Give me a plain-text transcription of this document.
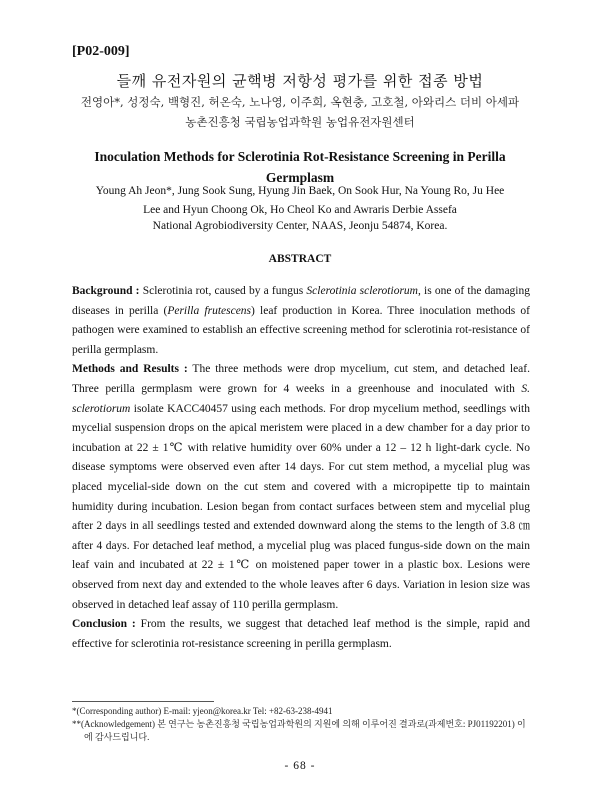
[P02-009]
들깨 유전자원의 균핵병 저항성 평가를 위한 접종 방법
전영아*, 성정숙, 백형진, 허온숙, 노나영, 이주희, 옥현충, 고호철, 아와리스 더비 아세파
농촌진흥청 국립농업과학원 농업유전자원센터
Inoculation Methods for Sclerotinia Rot-Resistance Screening in Perilla Germplasm
Young Ah Jeon*, Jung Sook Sung, Hyung Jin Baek, On Sook Hur, Na Young Ro, Ju Hee Lee and Hyun Choong Ok, Ho Cheol Ko and Awraris Derbie Assefa
National Agrobiodiversity Center, NAAS, Jeonju 54874, Korea.
ABSTRACT

Background : Sclerotinia rot, caused by a fungus Sclerotinia sclerotiorum, is one of the damaging diseases in perilla (Perilla frutescens) leaf production in Korea. Three inoculation methods of pathogen were examined to establish an effective screening method for sclerotinia rot-resistance of perilla germplasm.

Methods and Results : The three methods were drop mycelium, cut stem, and detached leaf. Three perilla germplasm were grown for 4 weeks in a greenhouse and inoculated with S. sclerotiorum isolate KACC40457 using each methods. For drop mycelium method, seedlings with mycelial suspension drops on the apical meristem were placed in a dew chamber for a day prior to incubation at 22 ± 1℃ with relative humidity over 60% under a 12 – 12 h light-dark cycle. No disease symptoms were observed even after 14 days. For cut stem method, a mycelial plug was placed mycelial-side down on the cut stem and covered with a micropipette tip to maintain humidity during incubation. Lesion began from contact surfaces between stem and mycelial plug after 2 days in all seedlings tested and extended downward along the stems to the length of 3.8 ㎝ after 4 days. For detached leaf method, a mycelial plug was placed fungus-side down on the main leaf vain and incubated at 22 ± 1℃ on moistened paper tower in a plastic box. Lesions were observed from next day and extended to the whole leaves after 6 days. Variation in lesion size was observed in detached leaf assay of 110 perilla germplasm.

Conclusion : From the results, we suggest that detached leaf method is the simple, rapid and effective for sclerotinia rot-resistance screening in perilla germplasm.

*(Corresponding author) E-mail: yjeon@korea.kr Tel: +82-63-238-4941

**(Acknowledgement) 본 연구는 농촌진흥청 국립농업과학원의 지원에 의해 이루어진 결과로(과제번호: PJ01192201) 이에 감사드립니다.

- 68 -
